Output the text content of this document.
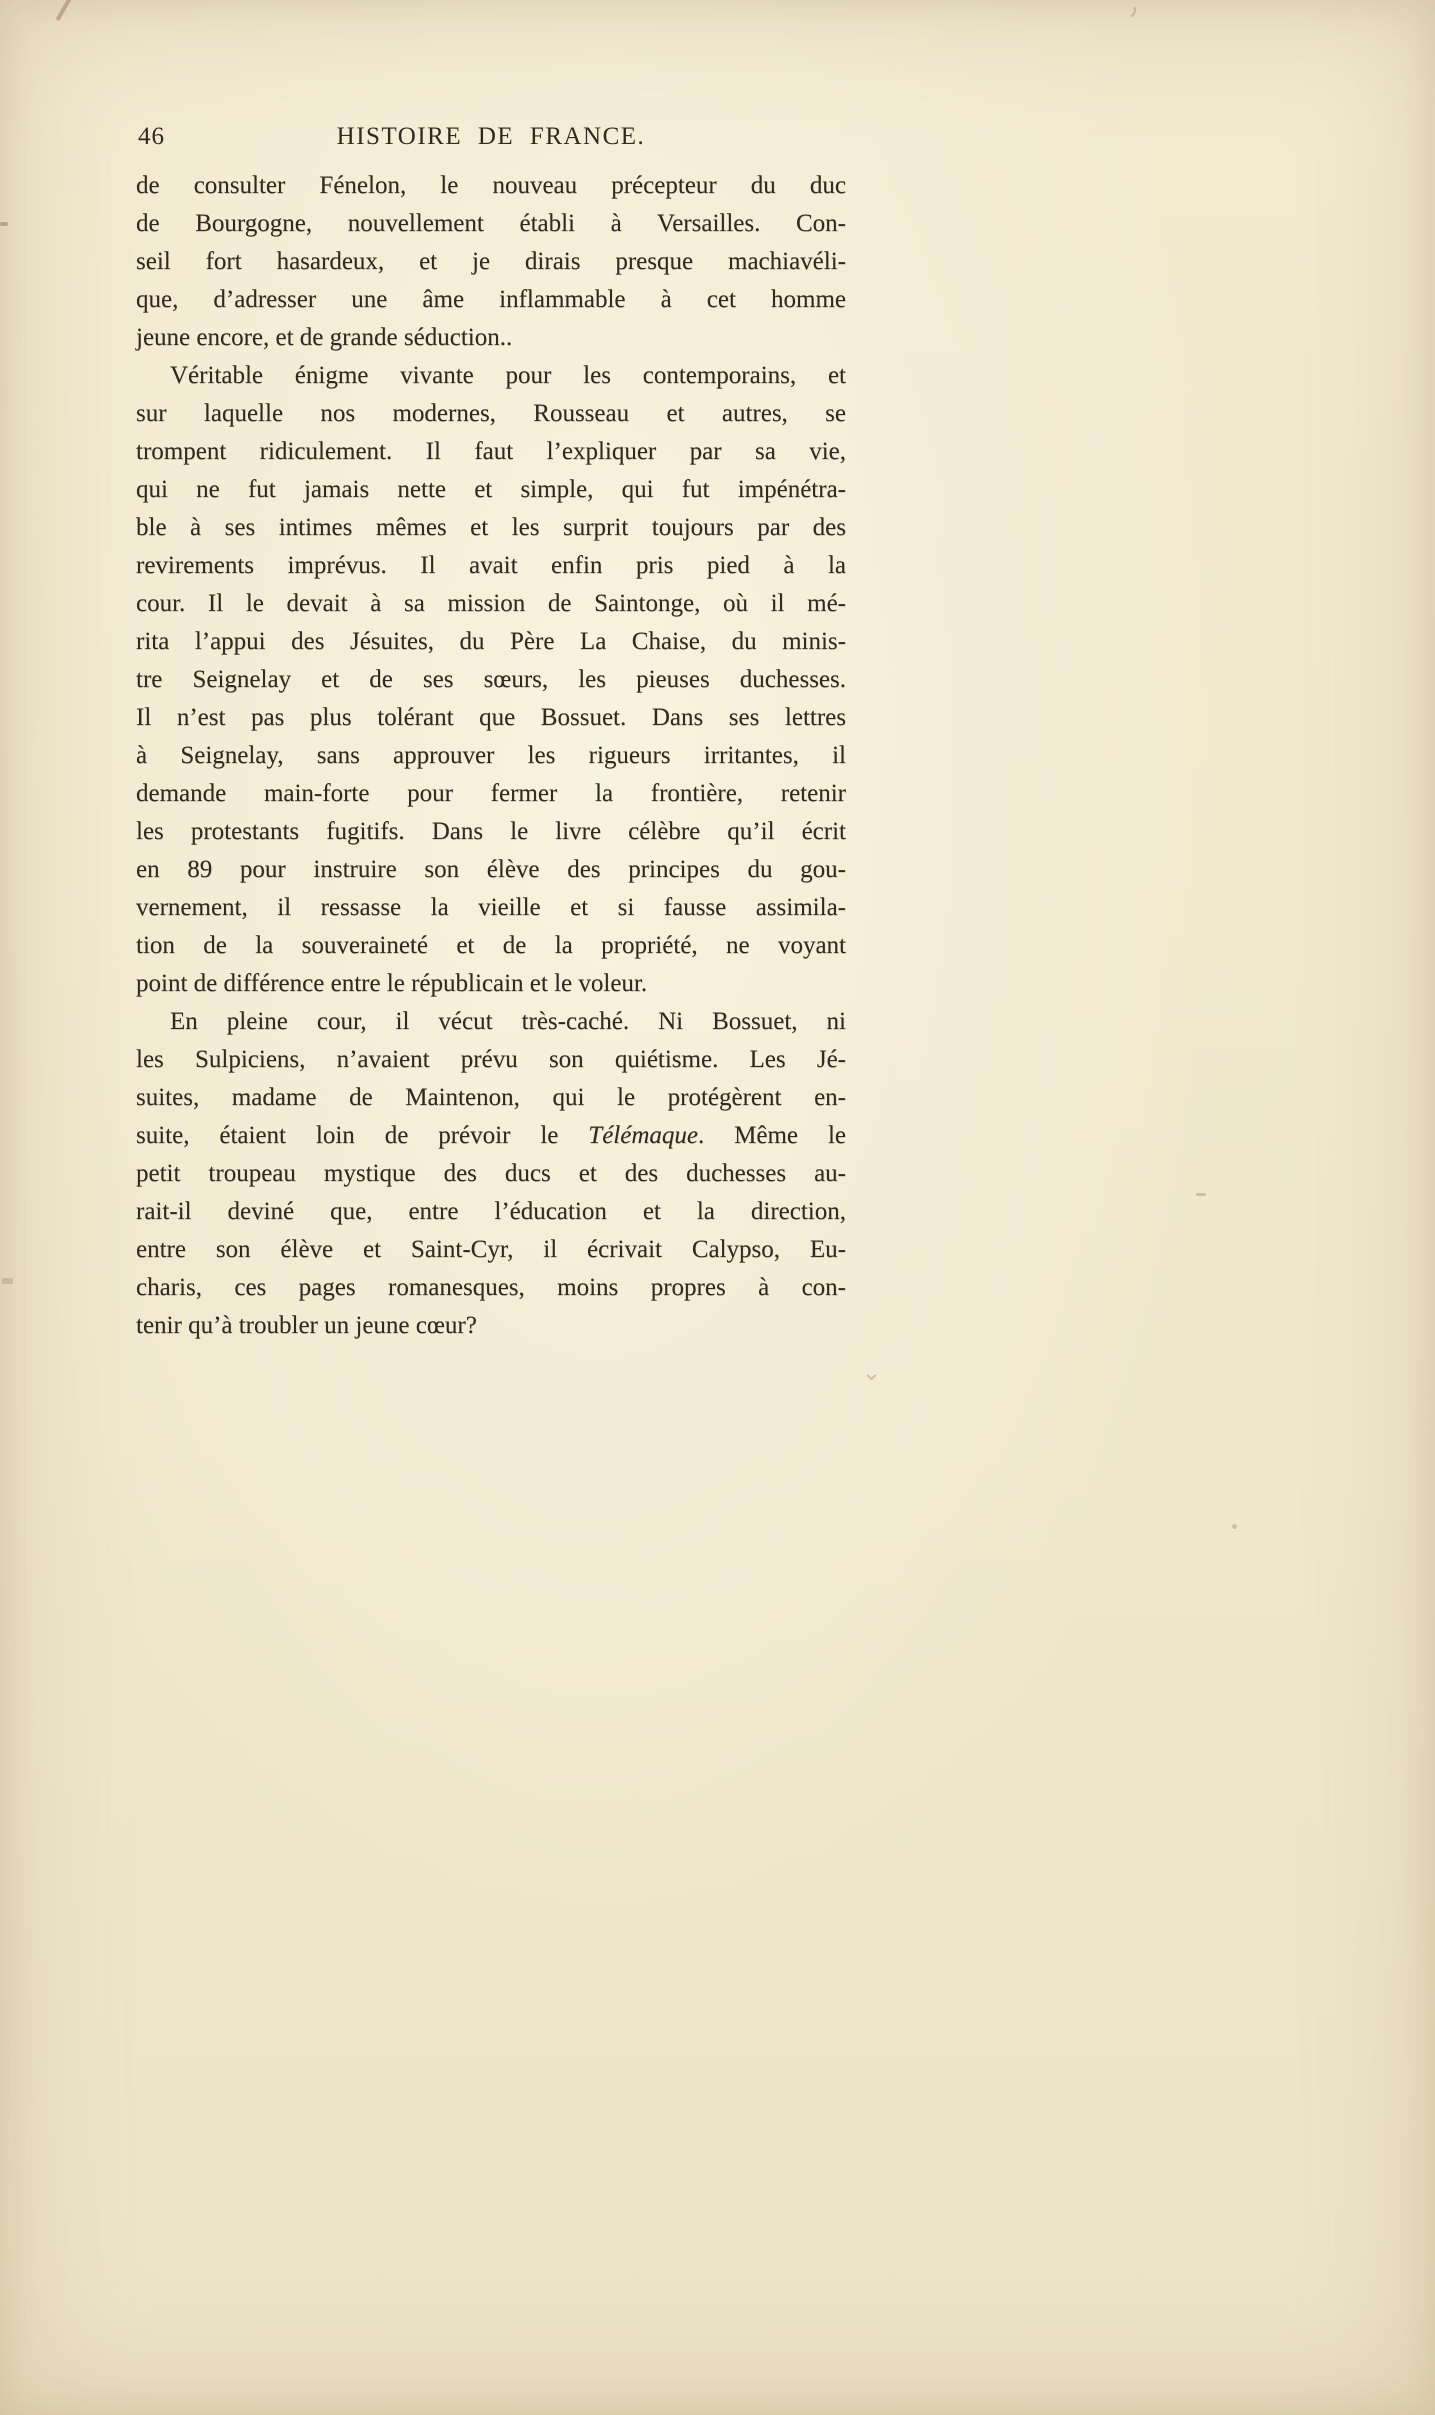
46	HISTOIRE DE FRANCE.
de consulter Fénelon, le nouveau précepteur du duc
de Bourgogne, nouvellement établi à Versailles. Con-
seil fort hasardeux, et je dirais presque machiavéli-
que, d’adresser une âme inflammable à cet homme
jeune encore, et de grande séduction..
Véritable énigme vivante pour les contemporains, et
sur laquelle nos modernes, Rousseau et autres, se
trompent ridiculement. Il faut l’expliquer par sa vie,
qui ne fut jamais nette et simple, qui fut impénétra-
ble à ses intimes mêmes et les surprit toujours par des
revirements imprévus. Il avait enfin pris pied à la
cour. Il le devait à sa mission de Saintonge, où il mé-
rita l’appui des Jésuites, du Père La Chaise, du minis-
tre Seignelay et de ses sœurs, les pieuses duchesses.
Il n’est pas plus tolérant que Bossuet. Dans ses lettres
à Seignelay, sans approuver les rigueurs irritantes, il
demande main-forte pour fermer la frontière, retenir
les protestants fugitifs. Dans le livre célèbre qu’il écrit
en 89 pour instruire son élève des principes du gou-
vernement, il ressasse la vieille et si fausse assimila-
tion de la souveraineté et de la propriété, ne voyant
point de différence entre le républicain et le voleur.
En pleine cour, il vécut très-caché. Ni Bossuet, ni
les Sulpiciens, n’avaient prévu son quiétisme. Les Jé-
suites, madame de Maintenon, qui le protégèrent en-
suite, étaient loin de prévoir le Télémaque. Même le
petit troupeau mystique des ducs et des duchesses au-
rait-il deviné que, entre l’éducation et la direction,
entre son élève et Saint-Cyr, il écrivait Calypso, Eu-
charis, ces pages romanesques, moins propres à con-
tenir qu’à troubler un jeune cœur?
